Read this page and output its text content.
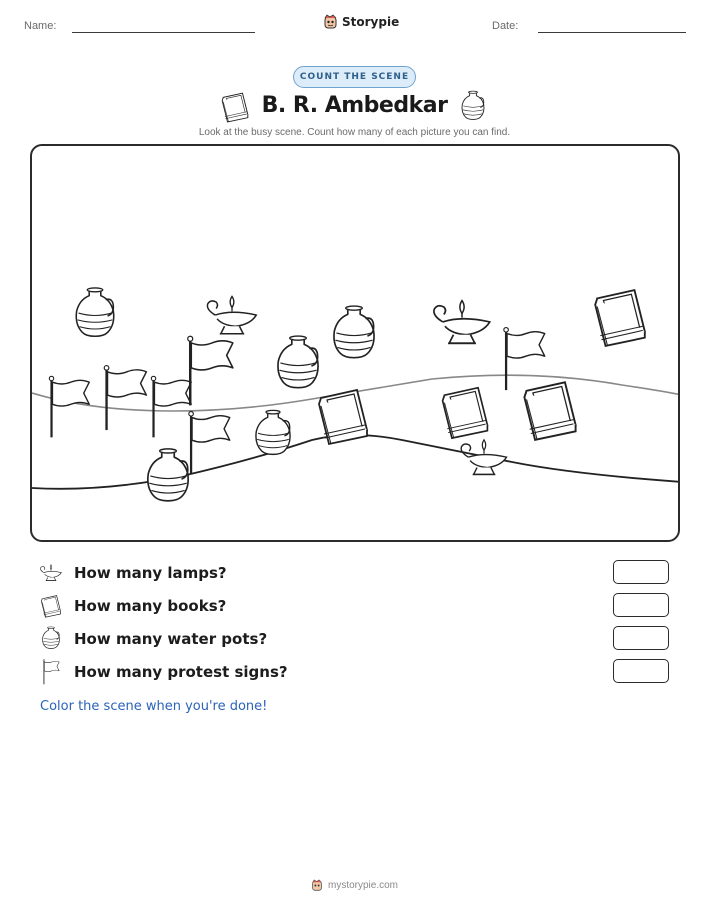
Name:	Storypie	Date:
COUNT THE SCENE
B. R. Ambedkar
Look at the busy scene. Count how many of each picture you can find.
How many lamps?
How many books?
How many water pots?
How many protest signs?
Color the scene when you're done!
mystorypie.com
